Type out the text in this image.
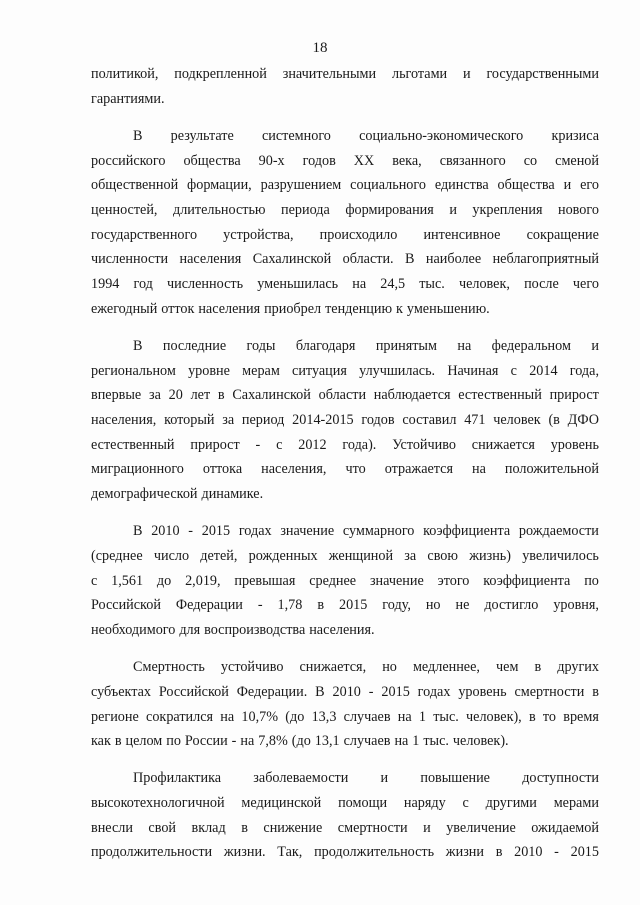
18
политикой, подкрепленной значительными льготами и государственными
гарантиями.
В результате системного социально-экономического кризиса
российского общества 90-х годов XX века, связанного со сменой
общественной формации, разрушением социального единства общества и его
ценностей, длительностью периода формирования и укрепления нового
государственного устройства, происходило интенсивное сокращение
численности населения Сахалинской области. В наиболее неблагоприятный
1994 год численность уменьшилась на 24,5 тыс. человек, после чего
ежегодный отток населения приобрел тенденцию к уменьшению.
В последние годы благодаря принятым на федеральном и
региональном уровне мерам ситуация улучшилась. Начиная с 2014 года,
впервые за 20 лет в Сахалинской области наблюдается естественный прирост
населения, который за период 2014-2015 годов составил 471 человек (в ДФО
естественный прирост - с 2012 года). Устойчиво снижается уровень
миграционного оттока населения, что отражается на положительной
демографической динамике.
В 2010 - 2015 годах значение суммарного коэффициента рождаемости
(среднее число детей, рожденных женщиной за свою жизнь) увеличилось
с 1,561 до 2,019, превышая среднее значение этого коэффициента по
Российской Федерации - 1,78 в 2015 году, но не достигло уровня,
необходимого для воспроизводства населения.
Смертность устойчиво снижается, но медленнее, чем в других
субъектах Российской Федерации. В 2010 - 2015 годах уровень смертности в
регионе сократился на 10,7% (до 13,3 случаев на 1 тыс. человек), в то время
как в целом по России - на 7,8% (до 13,1 случаев на 1 тыс. человек).
Профилактика заболеваемости и повышение доступности
высокотехнологичной медицинской помощи наряду с другими мерами
внесли свой вклад в снижение смертности и увеличение ожидаемой
продолжительности жизни. Так, продолжительность жизни в 2010 - 2015
